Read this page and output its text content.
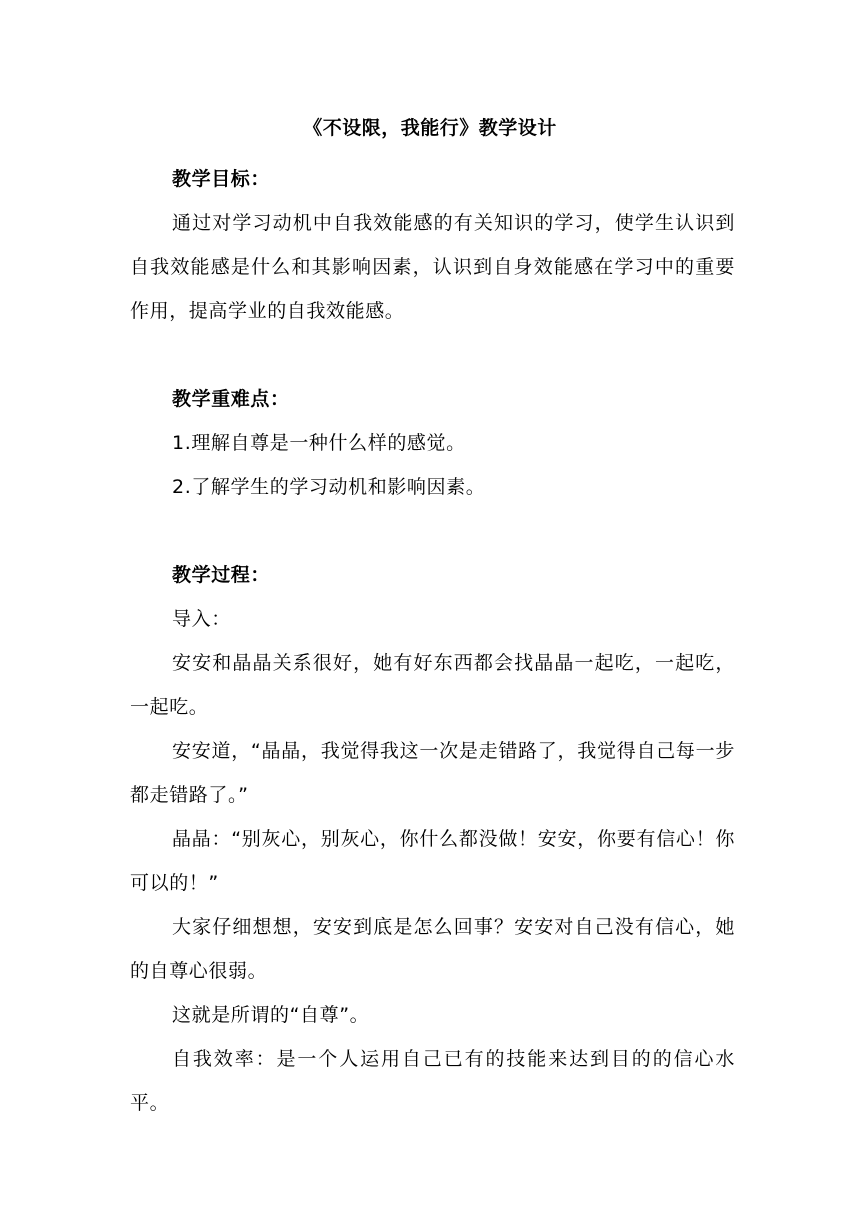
《不设限，我能行》教学设计

教学目标：

通过对学习动机中自我效能感的有关知识的学习，使学生认识到自我效能感是什么和其影响因素，认识到自身效能感在学习中的重要作用，提高学业的自我效能感。

教学重难点：

1.理解自尊是一种什么样的感觉。

2.了解学生的学习动机和影响因素。

教学过程：

导入：

安安和晶晶关系很好，她有好东西都会找晶晶一起吃，一起吃，一起吃。

安安道，“晶晶，我觉得我这一次是走错路了，我觉得自己每一步都走错路了。”

晶晶：“别灰心，别灰心，你什么都没做！安安，你要有信心！你可以的！”

大家仔细想想，安安到底是怎么回事？安安对自己没有信心，她的自尊心很弱。

这就是所谓的“自尊”。

自我效率：是一个人运用自己已有的技能来达到目的的信心水平。
